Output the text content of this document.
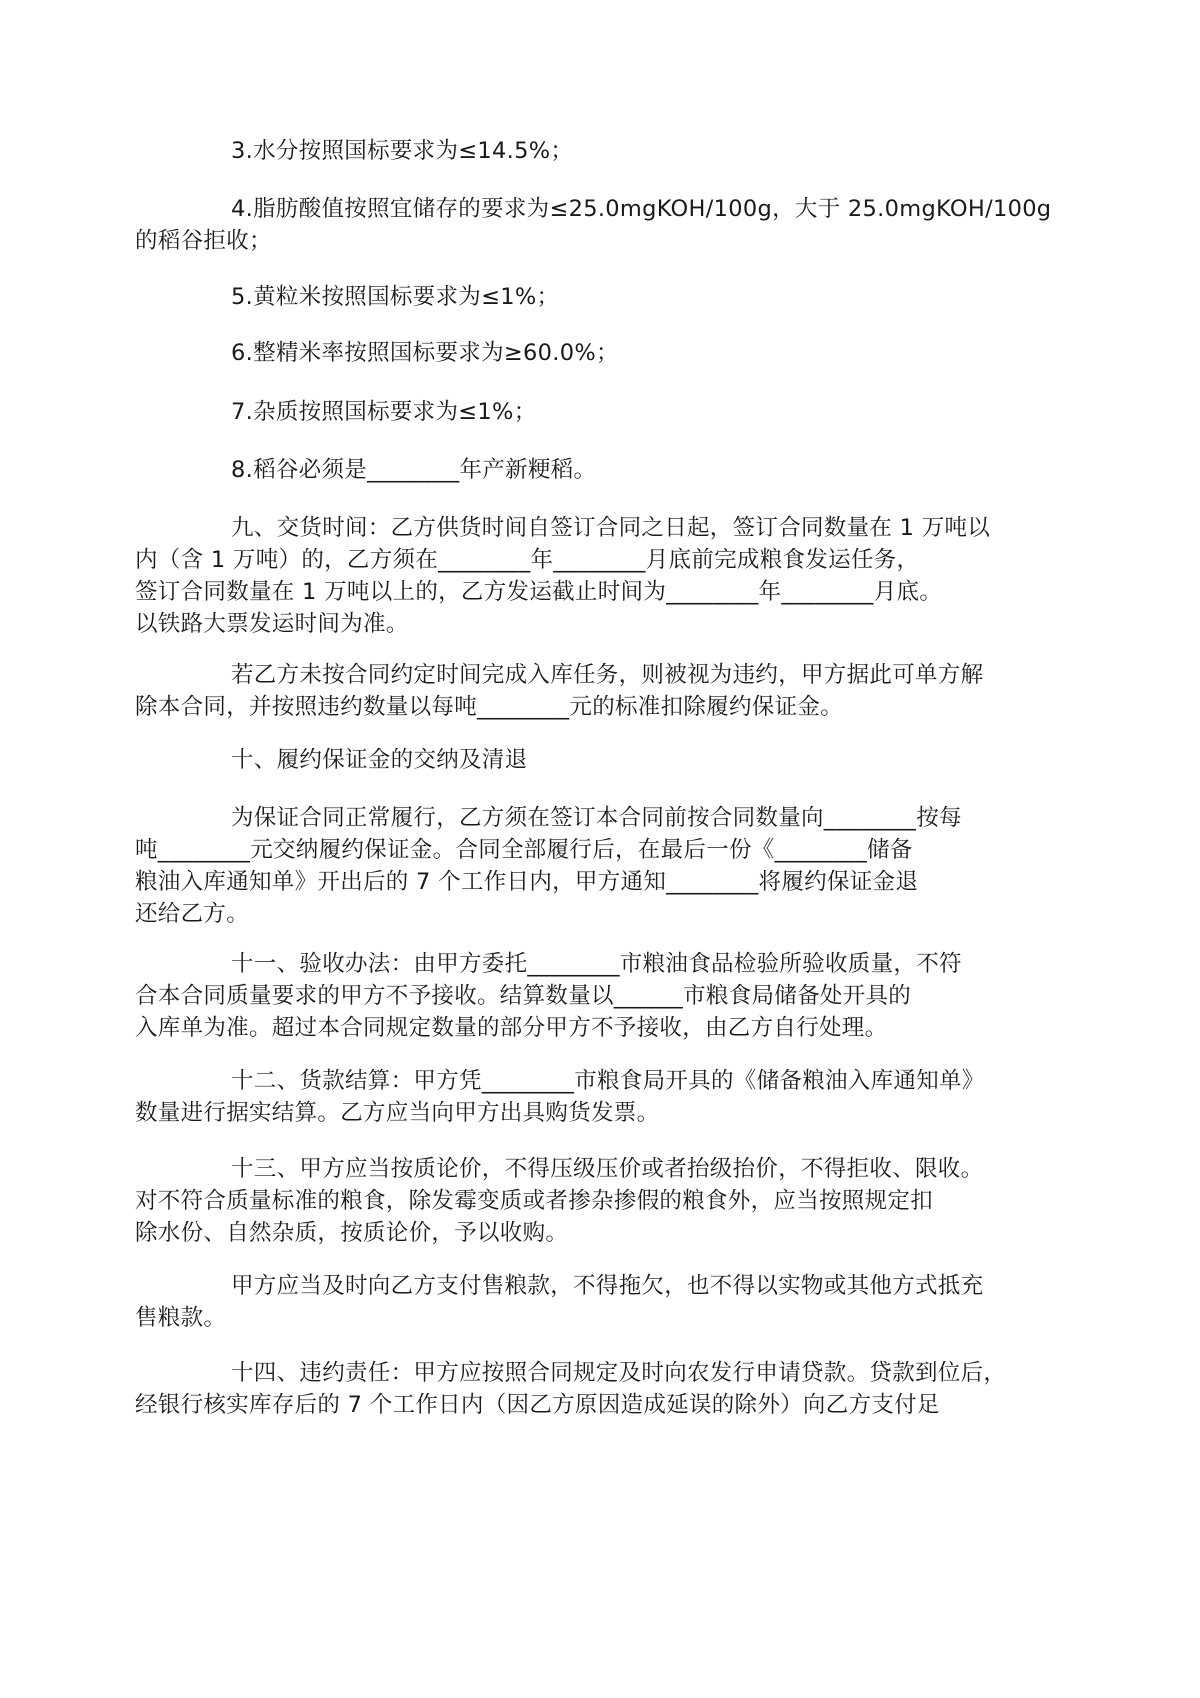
3.水分按照国标要求为≤14.5%；
4.脂肪酸值按照宜储存的要求为≤25.0mgKOH/100g，大于 25.0mgKOH/100g
的稻谷拒收；
5.黄粒米按照国标要求为≤1%；
6.整精米率按照国标要求为≥60.0%；
7.杂质按照国标要求为≤1%；
8.稻谷必须是________年产新粳稻。
九、交货时间：乙方供货时间自签订合同之日起，签订合同数量在 1 万吨以
内（含 1 万吨）的，乙方须在________年________月底前完成粮食发运任务，
签订合同数量在 1 万吨以上的，乙方发运截止时间为________年________月底。
以铁路大票发运时间为准。
若乙方未按合同约定时间完成入库任务，则被视为违约，甲方据此可单方解
除本合同，并按照违约数量以每吨________元的标准扣除履约保证金。
十、履约保证金的交纳及清退
为保证合同正常履行，乙方须在签订本合同前按合同数量向________按每
吨________元交纳履约保证金。合同全部履行后，在最后一份《________储备
粮油入库通知单》开出后的 7 个工作日内，甲方通知________将履约保证金退
还给乙方。
十一、验收办法：由甲方委托________市粮油食品检验所验收质量，不符
合本合同质量要求的甲方不予接收。结算数量以______市粮食局储备处开具的
入库单为准。超过本合同规定数量的部分甲方不予接收，由乙方自行处理。
十二、货款结算：甲方凭________市粮食局开具的《储备粮油入库通知单》
数量进行据实结算。乙方应当向甲方出具购货发票。
十三、甲方应当按质论价，不得压级压价或者抬级抬价，不得拒收、限收。
对不符合质量标准的粮食，除发霉变质或者掺杂掺假的粮食外，应当按照规定扣
除水份、自然杂质，按质论价，予以收购。
甲方应当及时向乙方支付售粮款，不得拖欠，也不得以实物或其他方式抵充
售粮款。
十四、违约责任：甲方应按照合同规定及时向农发行申请贷款。贷款到位后，
经银行核实库存后的 7 个工作日内（因乙方原因造成延误的除外）向乙方支付足
